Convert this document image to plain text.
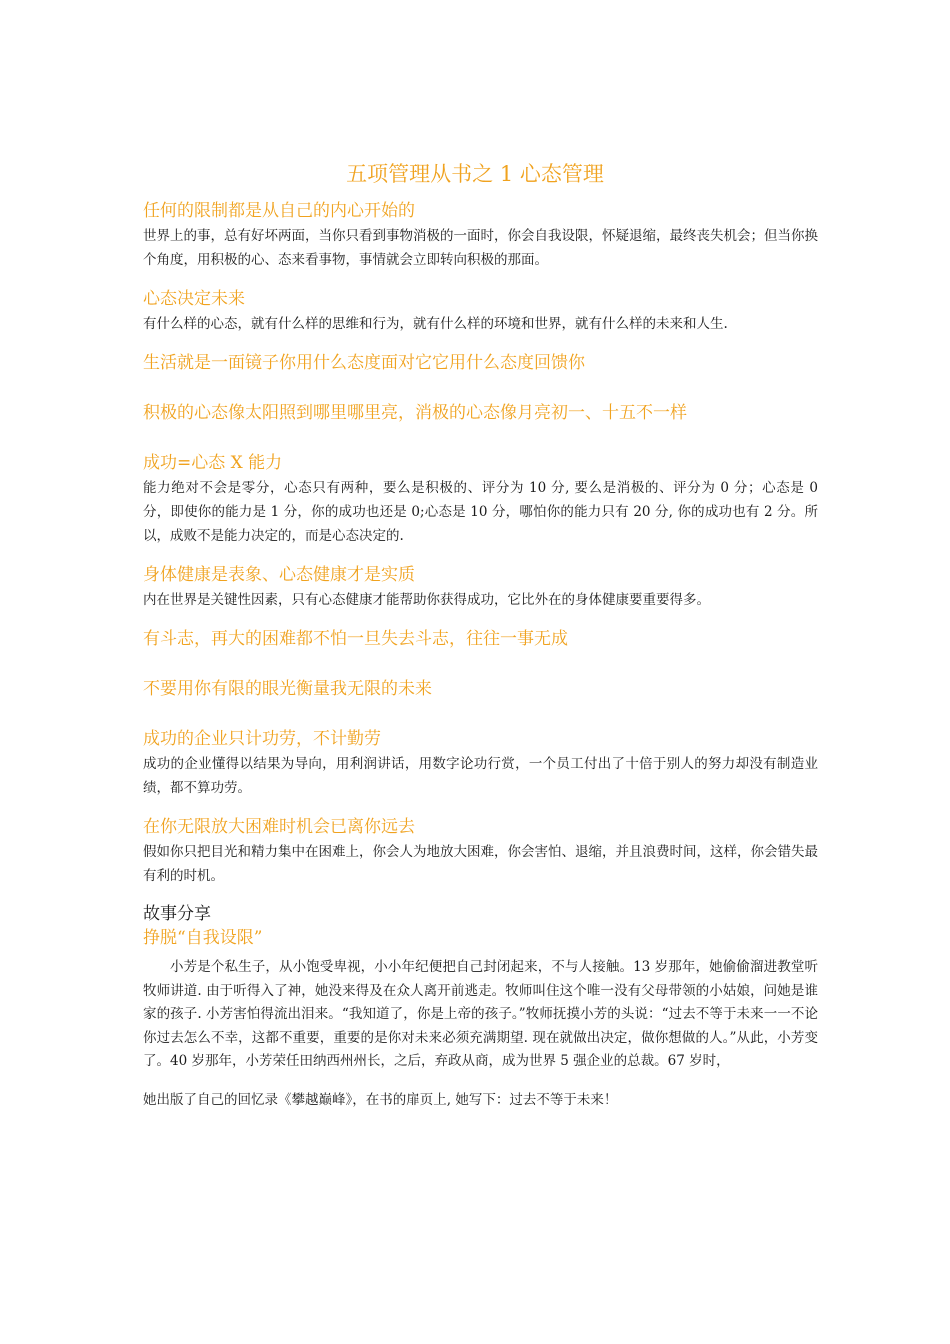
五项管理从书之 1 心态管理

任何的限制都是从自己的内心开始的

世界上的事，总有好坏两面，当你只看到事物消极的一面时，你会自我设限，怀疑退缩，最终丧失机会；但当你换个角度，用积极的心、态来看事物，事情就会立即转向积极的那面。

心态决定未来

有什么样的心态，就有什么样的思维和行为，就有什么样的环境和世界，就有什么样的未来和人生.

生活就是一面镜子你用什么态度面对它它用什么态度回馈你

积极的心态像太阳照到哪里哪里亮，消极的心态像月亮初一、十五不一样

成功=心态 X 能力

能力绝对不会是零分，心态只有两种，要么是积极的、评分为 10 分, 要么是消极的、评分为 0 分；心态是 0 分，即使你的能力是 1 分，你的成功也还是 0;心态是 10 分，哪怕你的能力只有 20 分, 你的成功也有 2 分。所以，成败不是能力决定的，而是心态决定的.

身体健康是表象、心态健康才是实质

内在世界是关键性因素，只有心态健康才能帮助你获得成功，它比外在的身体健康要重要得多。

有斗志，再大的困难都不怕一旦失去斗志，往往一事无成

不要用你有限的眼光衡量我无限的未来

成功的企业只计功劳，不计勤劳

成功的企业懂得以结果为导向，用利润讲话，用数字论功行赏，一个员工付出了十倍于别人的努力却没有制造业绩，都不算功劳。

在你无限放大困难时机会已离你远去

假如你只把目光和精力集中在困难上，你会人为地放大困难，你会害怕、退缩，并且浪费时间，这样，你会错失最有利的时机。

故事分享

挣脱“自我设限”

小芳是个私生子，从小饱受卑视，小小年纪便把自己封闭起来，不与人接触。13 岁那年，她偷偷溜进教堂听牧师讲道. 由于听得入了神，她没来得及在众人离开前逃走。牧师叫住这个唯一没有父母带领的小姑娘，问她是谁家的孩子. 小芳害怕得流出泪来。“我知道了，你是上帝的孩子。”牧师抚摸小芳的头说：“过去不等于未来一一不论你过去怎么不幸，这都不重要，重要的是你对未来必须充满期望. 现在就做出决定，做你想做的人。”从此，小芳变了。40 岁那年，小芳荣任田纳西州州长，之后，弃政从商，成为世界 5 强企业的总裁。67 岁时，

她出版了自己的回忆录《攀越巅峰》，在书的扉页上, 她写下：过去不等于未来！
